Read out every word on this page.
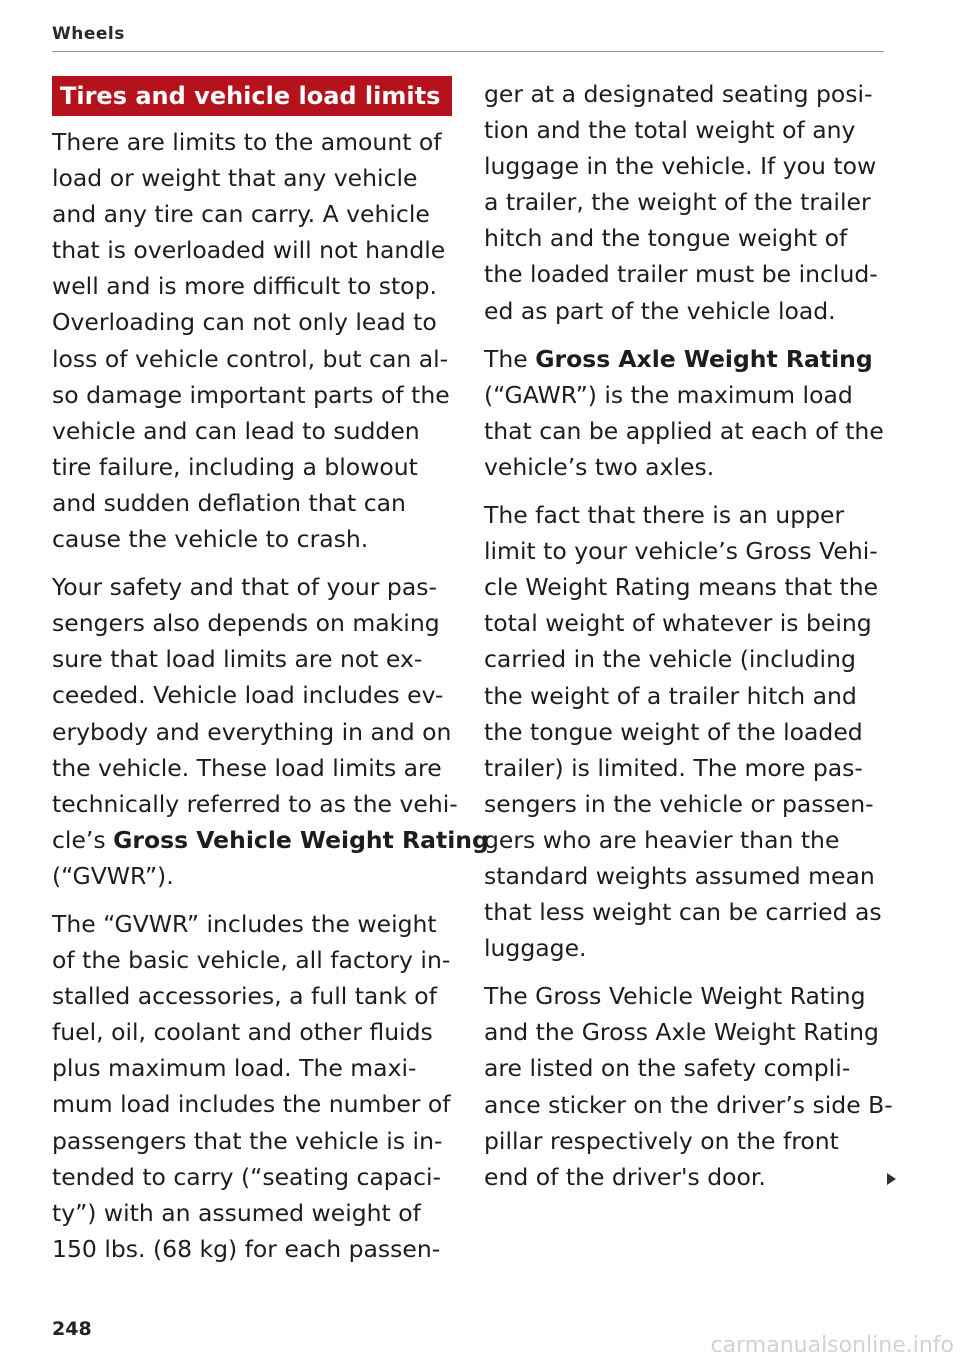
Wheels
Tires and vehicle load limits
There are limits to the amount of
load or weight that any vehicle
and any tire can carry. A vehicle
that is overloaded will not handle
well and is more difficult to stop.
Overloading can not only lead to
loss of vehicle control, but can al-
so damage important parts of the
vehicle and can lead to sudden
tire failure, including a blowout
and sudden deflation that can
cause the vehicle to crash.
Your safety and that of your pas-
sengers also depends on making
sure that load limits are not ex-
ceeded. Vehicle load includes ev-
erybody and everything in and on
the vehicle. These load limits are
technically referred to as the vehi-
cle’s Gross Vehicle Weight Rating
(“GVWR”).
The “GVWR” includes the weight
of the basic vehicle, all factory in-
stalled accessories, a full tank of
fuel, oil, coolant and other fluids
plus maximum load. The maxi-
mum load includes the number of
passengers that the vehicle is in-
tended to carry (“seating capaci-
ty”) with an assumed weight of
150 lbs. (68 kg) for each passen-
ger at a designated seating posi-
tion and the total weight of any
luggage in the vehicle. If you tow
a trailer, the weight of the trailer
hitch and the tongue weight of
the loaded trailer must be includ-
ed as part of the vehicle load.
The Gross Axle Weight Rating
(“GAWR”) is the maximum load
that can be applied at each of the
vehicle’s two axles.
The fact that there is an upper
limit to your vehicle’s Gross Vehi-
cle Weight Rating means that the
total weight of whatever is being
carried in the vehicle (including
the weight of a trailer hitch and
the tongue weight of the loaded
trailer) is limited. The more pas-
sengers in the vehicle or passen-
gers who are heavier than the
standard weights assumed mean
that less weight can be carried as
luggage.
The Gross Vehicle Weight Rating
and the Gross Axle Weight Rating
are listed on the safety compli-
ance sticker on the driver’s side B-
pillar respectively on the front
end of the driver's door.
248
carmanualsonline.info
